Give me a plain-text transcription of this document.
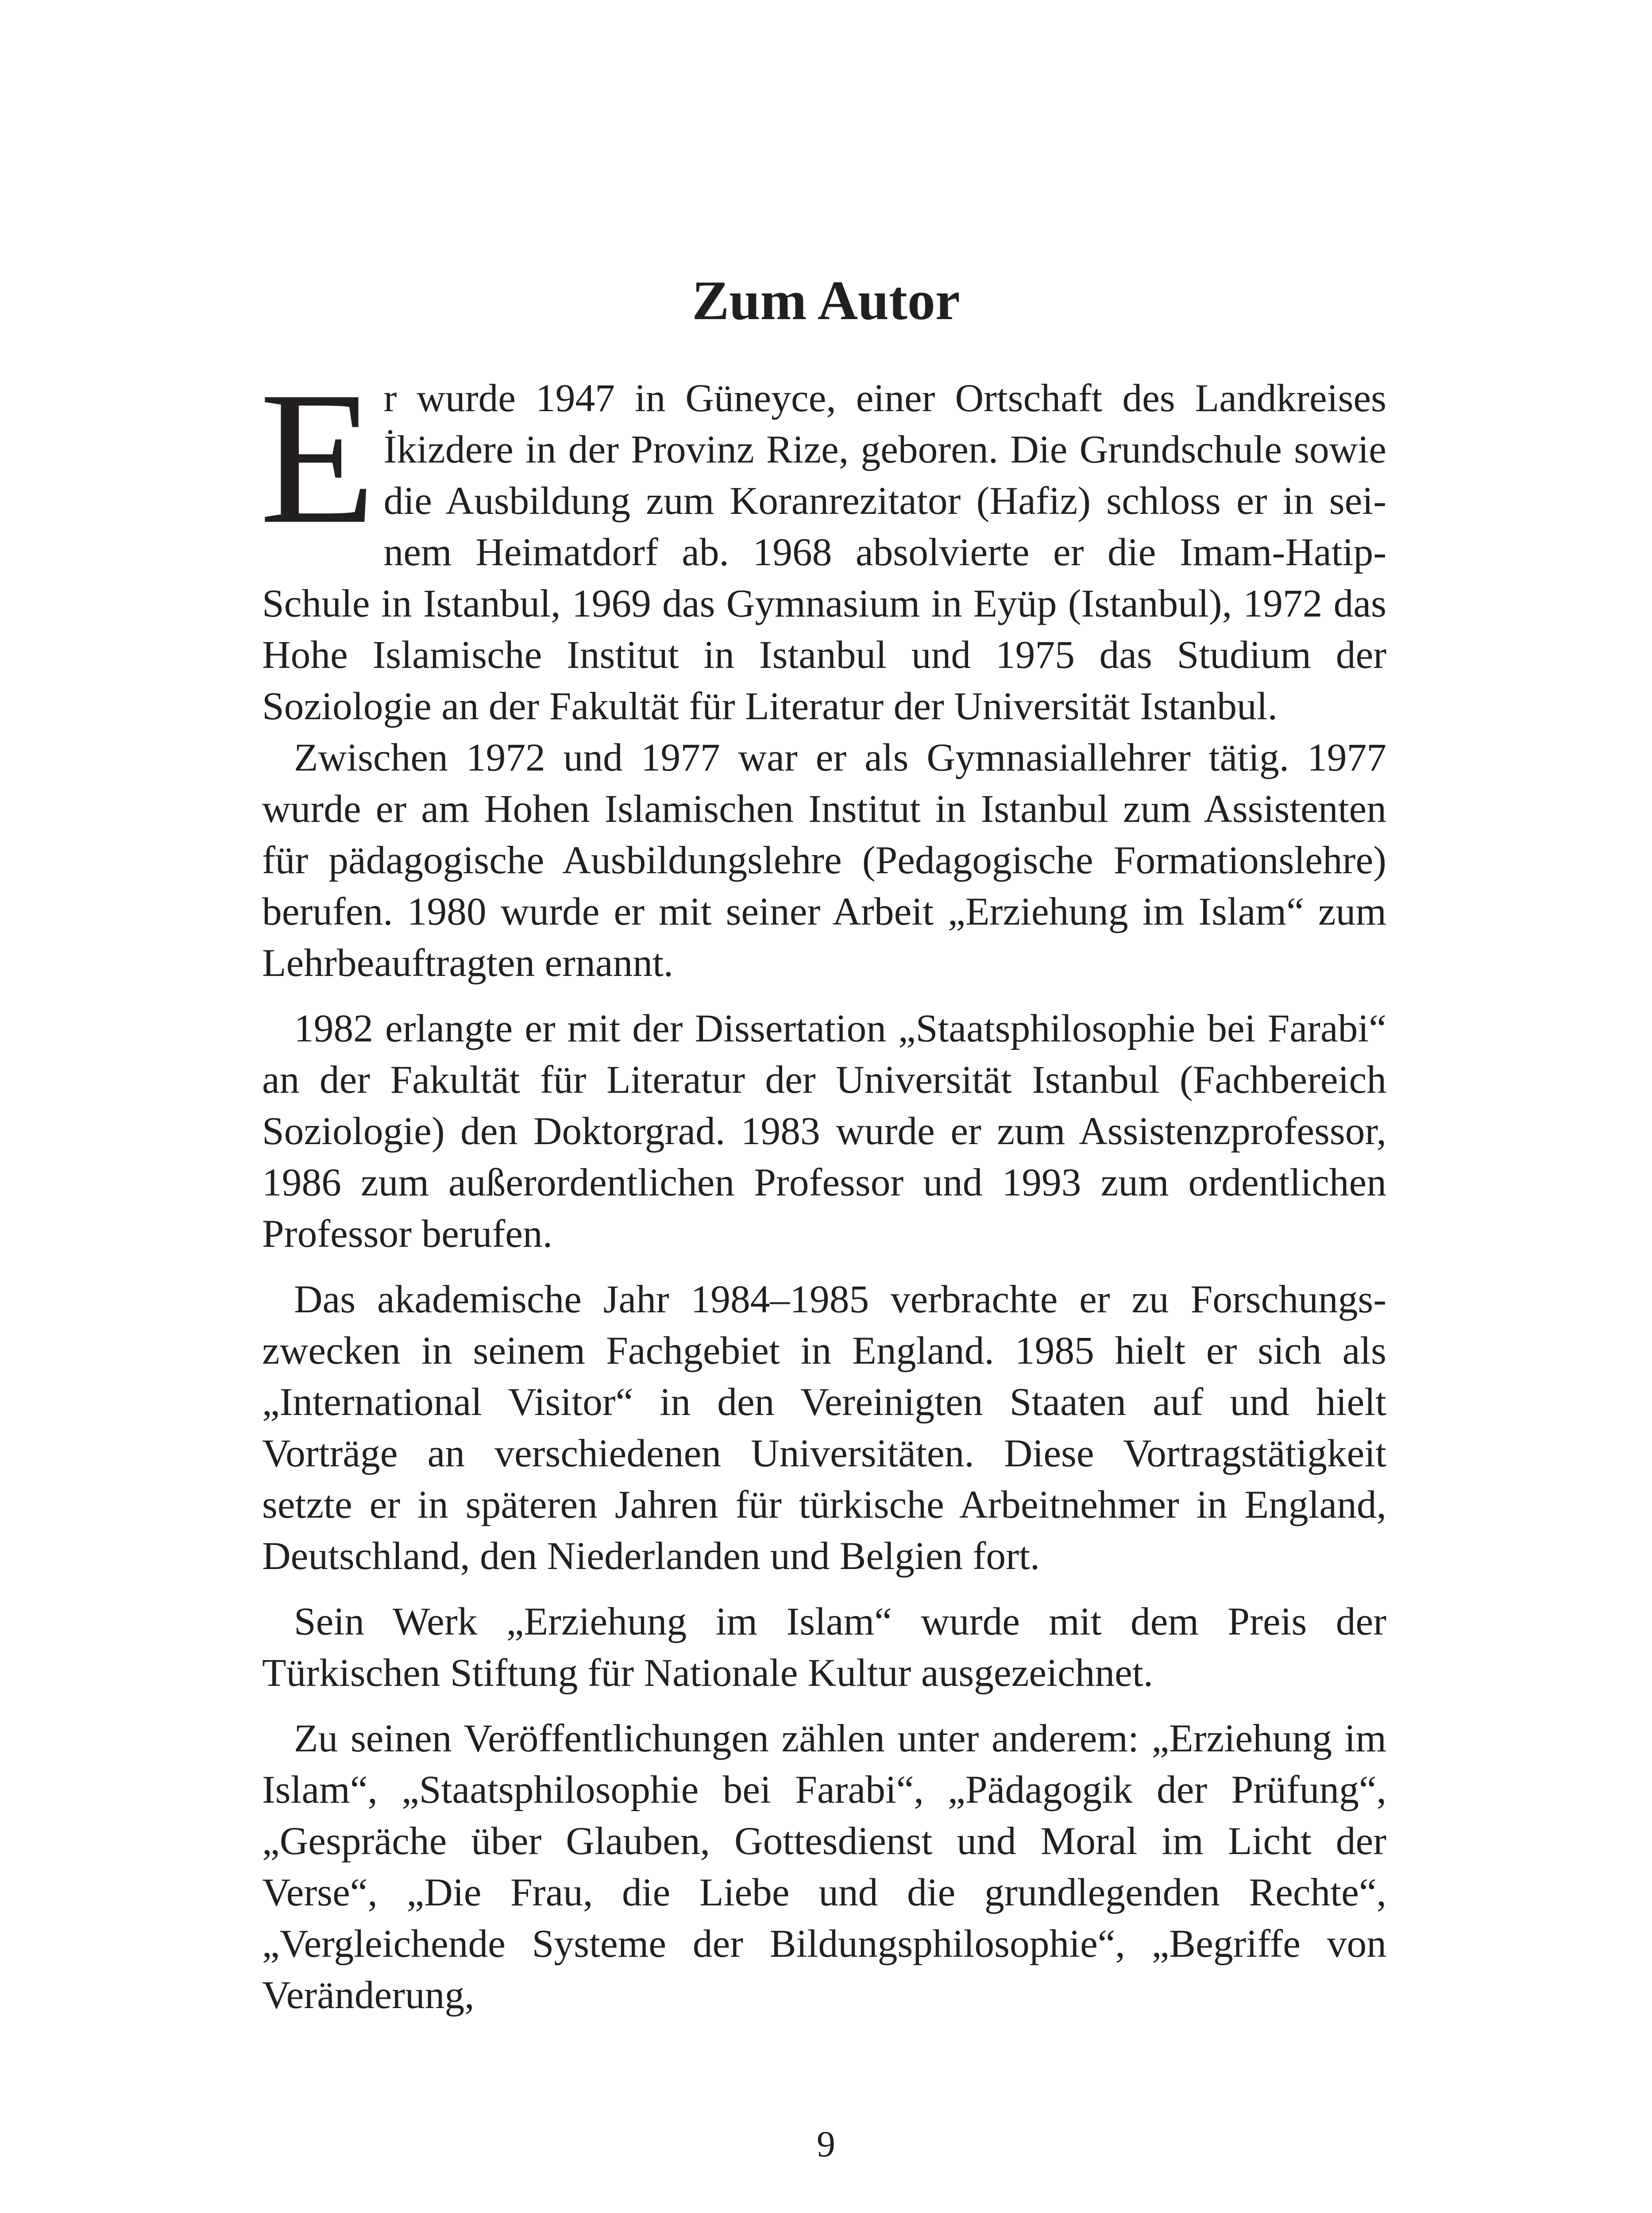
Zum Autor

Er wurde 1947 in Güneyce, einer Ortschaft des Landkreises İkizdere in der Provinz Rize, geboren. Die Grundschule sowie die Ausbildung zum Koranrezitator (Hafiz) schloss er in seinem Heimatdorf ab. 1968 absolvierte er die Imam-Hatip-Schule in Istanbul, 1969 das Gymnasium in Eyüp (Istanbul), 1972 das Hohe Islamische Institut in Istanbul und 1975 das Studium der Soziologie an der Fakultät für Literatur der Universität Istanbul.

Zwischen 1972 und 1977 war er als Gymnasiallehrer tätig. 1977 wurde er am Hohen Islamischen Institut in Istanbul zum Assistenten für pädagogische Ausbildungslehre (Pedagogische Formationslehre) berufen. 1980 wurde er mit seiner Arbeit „Erziehung im Islam“ zum Lehrbeauftragten ernannt.

1982 erlangte er mit der Dissertation „Staatsphilosophie bei Farabi“ an der Fakultät für Literatur der Universität Istanbul (Fachbereich Soziologie) den Doktorgrad. 1983 wurde er zum Assistenzprofessor, 1986 zum außerordentlichen Professor und 1993 zum ordentlichen Professor berufen.

Das akademische Jahr 1984–1985 verbrachte er zu Forschungszwecken in seinem Fachgebiet in England. 1985 hielt er sich als „International Visitor“ in den Vereinigten Staaten auf und hielt Vorträge an verschiedenen Universitäten. Diese Vortragstätigkeit setzte er in späteren Jahren für türkische Arbeitnehmer in England, Deutschland, den Niederlanden und Belgien fort.

Sein Werk „Erziehung im Islam“ wurde mit dem Preis der Türkischen Stiftung für Nationale Kultur ausgezeichnet.

Zu seinen Veröffentlichungen zählen unter anderem: „Erziehung im Islam“, „Staatsphilosophie bei Farabi“, „Pädagogik der Prüfung“, „Gespräche über Glauben, Gottesdienst und Moral im Licht der Verse“, „Die Frau, die Liebe und die grundlegenden Rechte“, „Vergleichende Systeme der Bildungsphilosophie“, „Begriffe von Veränderung,

9
